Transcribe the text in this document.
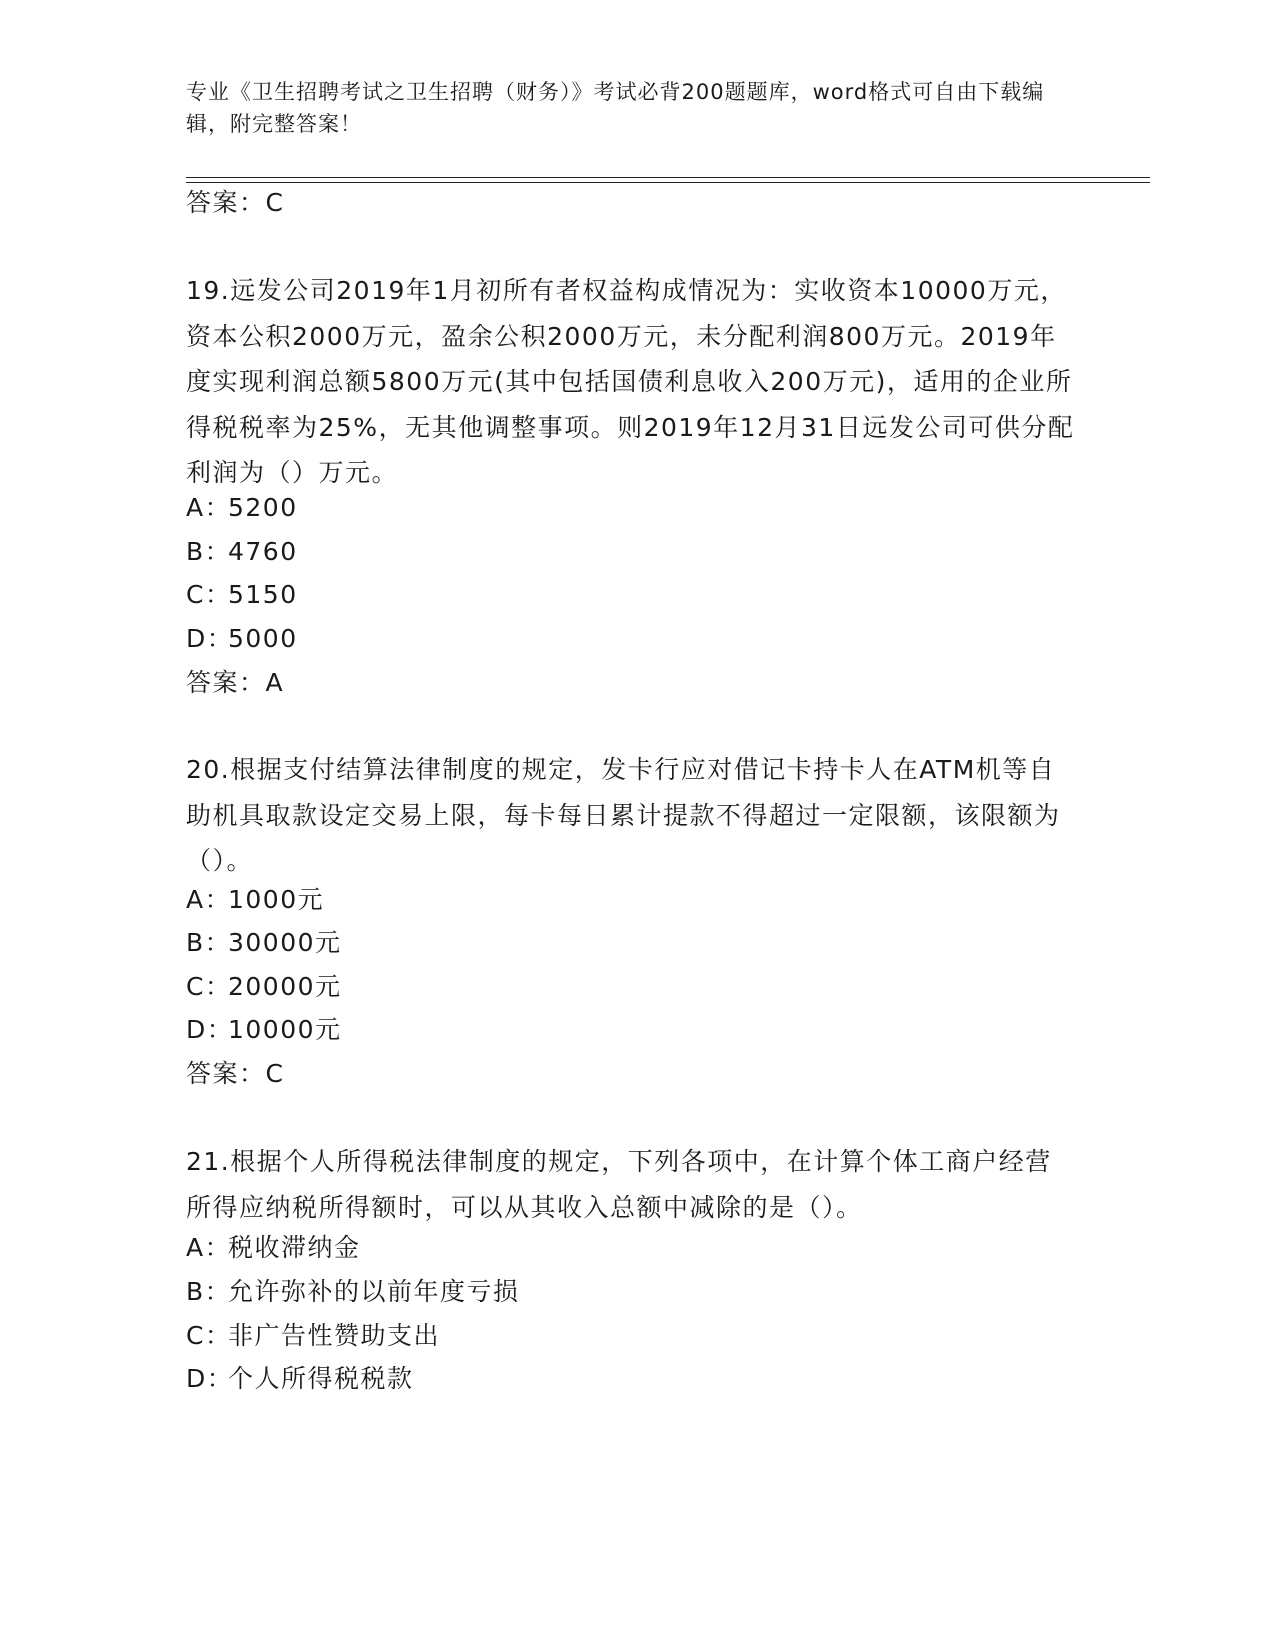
专业《卫生招聘考试之卫生招聘（财务）》考试必背200题题库，word格式可自由下载编辑，附完整答案！
答案：C
19.远发公司2019年1月初所有者权益构成情况为：实收资本10000万元，资本公积2000万元，盈余公积2000万元，未分配利润800万元。2019年度实现利润总额5800万元(其中包括国债利息收入200万元)，适用的企业所得税税率为25%，无其他调整事项。则2019年12月31日远发公司可供分配利润为（）万元。
A：5200
B：4760
C：5150
D：5000
答案：A
20.根据支付结算法律制度的规定，发卡行应对借记卡持卡人在ATM机等自助机具取款设定交易上限，每卡每日累计提款不得超过一定限额，该限额为（）。
A：1000元
B：30000元
C：20000元
D：10000元
答案：C
21.根据个人所得税法律制度的规定，下列各项中，在计算个体工商户经营所得应纳税所得额时，可以从其收入总额中减除的是（）。
A：税收滞纳金
B：允许弥补的以前年度亏损
C：非广告性赞助支出
D：个人所得税税款
